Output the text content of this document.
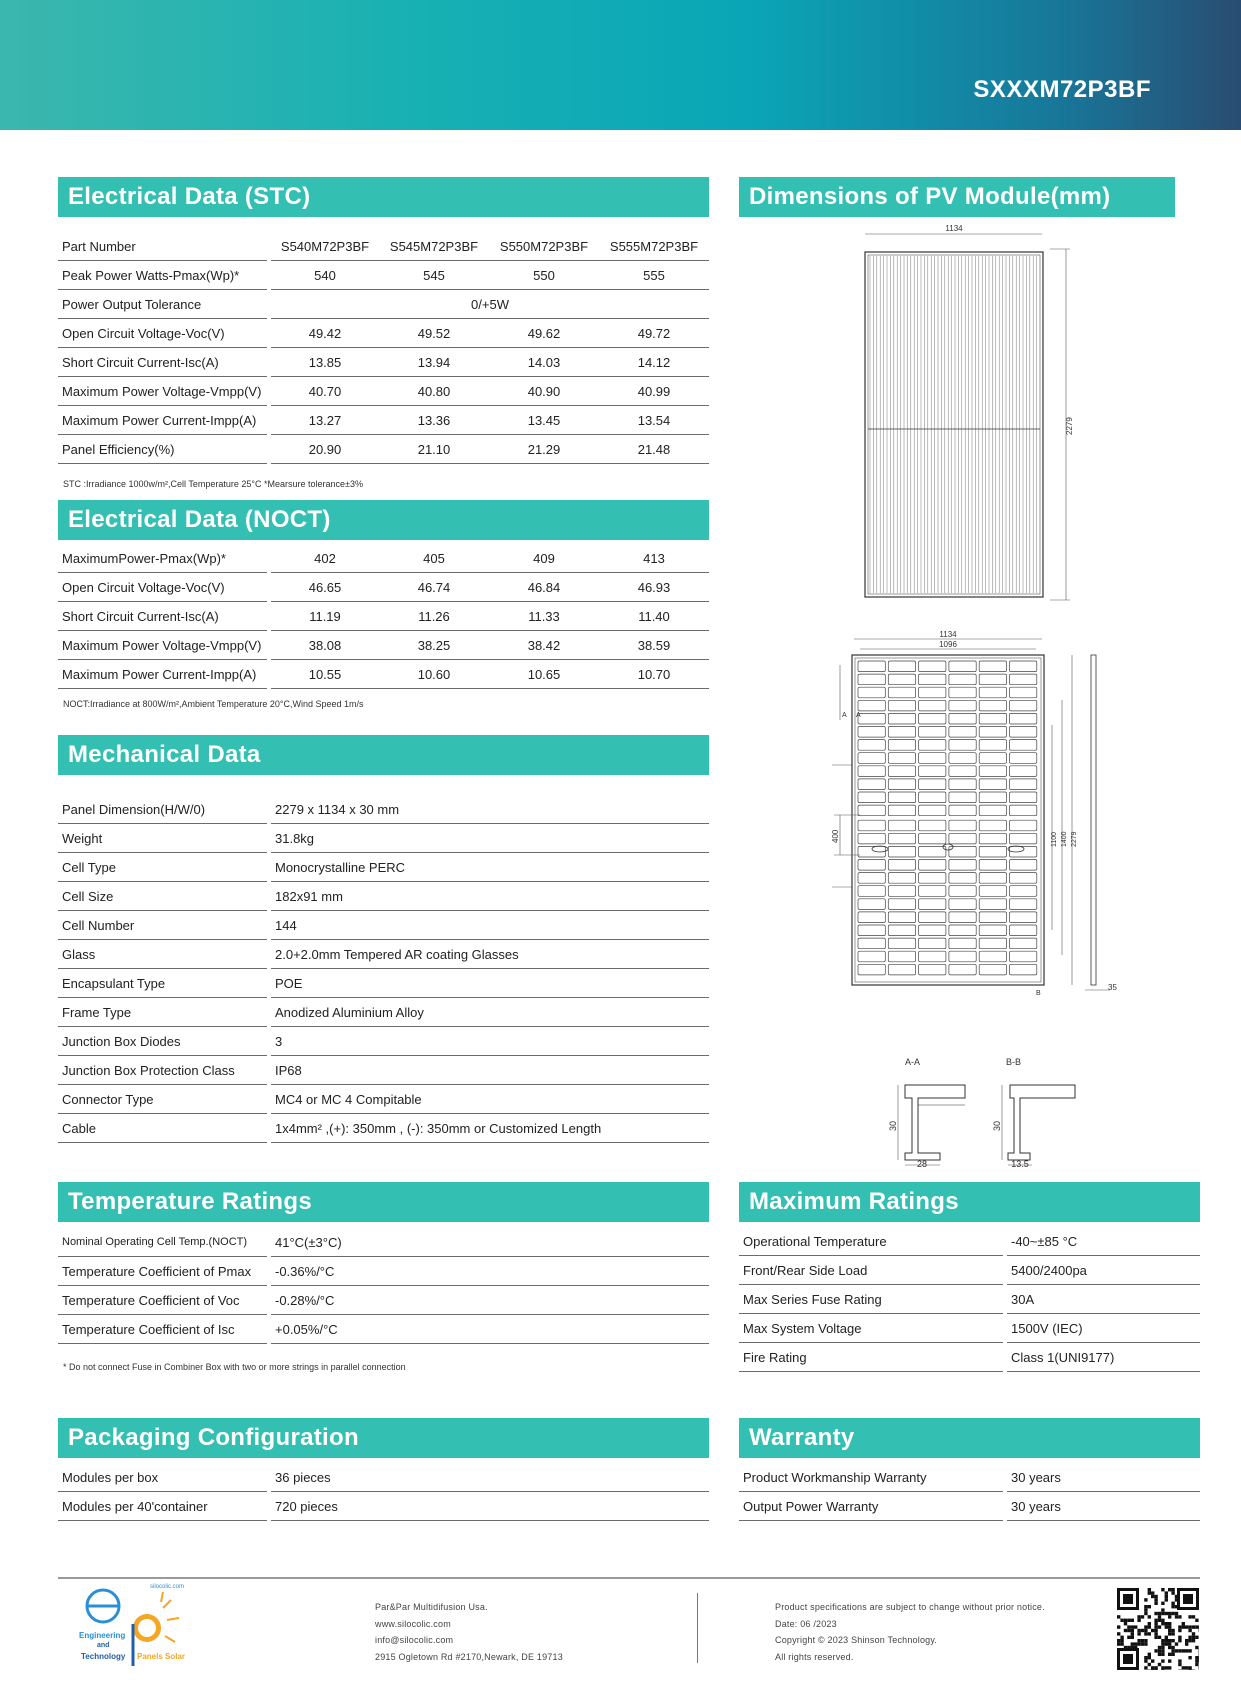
SXXXM72P3BF
Electrical Data (STC)
Part Number	S540M72P3BF	S545M72P3BF	S550M72P3BF	S555M72P3BF
Peak Power Watts-Pmax(Wp)*	540	545	550	555
Power Output Tolerance	0/+5W			
Open Circuit Voltage-Voc(V)	49.42	49.52	49.62	49.72
Short Circuit Current-Isc(A)	13.85	13.94	14.03	14.12
Maximum Power Voltage-Vmpp(V)	40.70	40.80	40.90	40.99
Maximum Power Current-Impp(A)	13.27	13.36	13.45	13.54
Panel Efficiency(%)	20.90	21.10	21.29	21.48
STC :Irradiance 1000w/m²,Cell Temperature 25°C *Mearsure tolerance±3%
Electrical Data (NOCT)
MaximumPower-Pmax(Wp)*	402	405	409	413
Open Circuit Voltage-Voc(V)	46.65	46.74	46.84	46.93
Short Circuit Current-Isc(A)	11.19	11.26	11.33	11.40
Maximum Power Voltage-Vmpp(V)	38.08	38.25	38.42	38.59
Maximum Power Current-Impp(A)	10.55	10.60	10.65	10.70
NOCT:Irradiance at 800W/m²,Ambient Temperature 20°C,Wind Speed 1m/s
Mechanical Data
Panel Dimension(H/W/0)	2279 x 1134 x 30 mm
Weight	31.8kg
Cell Type	Monocrystalline PERC
Cell Size	182x91 mm
Cell Number	144
Glass	2.0+2.0mm Tempered AR coating Glasses
Encapsulant Type	POE
Frame Type	Anodized Aluminium Alloy
Junction Box Diodes	3
Junction Box Protection Class	IP68
Connector Type	MC4 or MC 4 Compitable
Cable	1x4mm² ,(+): 350mm , (-): 350mm or Customized Length
Dimensions of PV Module(mm)
1134
2279
1134
1096
A A
400	1100 1400 2279
B
35
A-A	B-B
30
28
30
13.5
Temperature Ratings
Nominal Operating Cell Temp.(NOCT)	41°C(±3°C)
Temperature Coefficient of Pmax	-0.36%/°C
Temperature Coefficient of Voc	-0.28%/°C
Temperature Coefficient of Isc	+0.05%/°C
* Do not connect Fuse in Combiner Box with two or more strings in parallel connection
Maximum Ratings
Operational Temperature	-40~±85 °C
Front/Rear Side Load	5400/2400pa
Max Series Fuse Rating	30A
Max System Voltage	1500V (IEC)
Fire Rating	Class 1(UNI9177)
Packaging Configuration
Modules per box	36 pieces
Modules per 40'container	720 pieces
Warranty
Product Workmanship Warranty	30 years
Output Power Warranty	30 years
silocolic.com
Engineering
and
Technology Panels Solar
Par&Par Multidifusion Usa.
www.silocolic.com
info@silocolic.com
2915 Ogletown Rd #2170,Newark, DE 19713
Product specifications are subject to change without prior notice.
Date: 06 /2023
Copyright © 2023 Shinson Technology.
All rights reserved.
